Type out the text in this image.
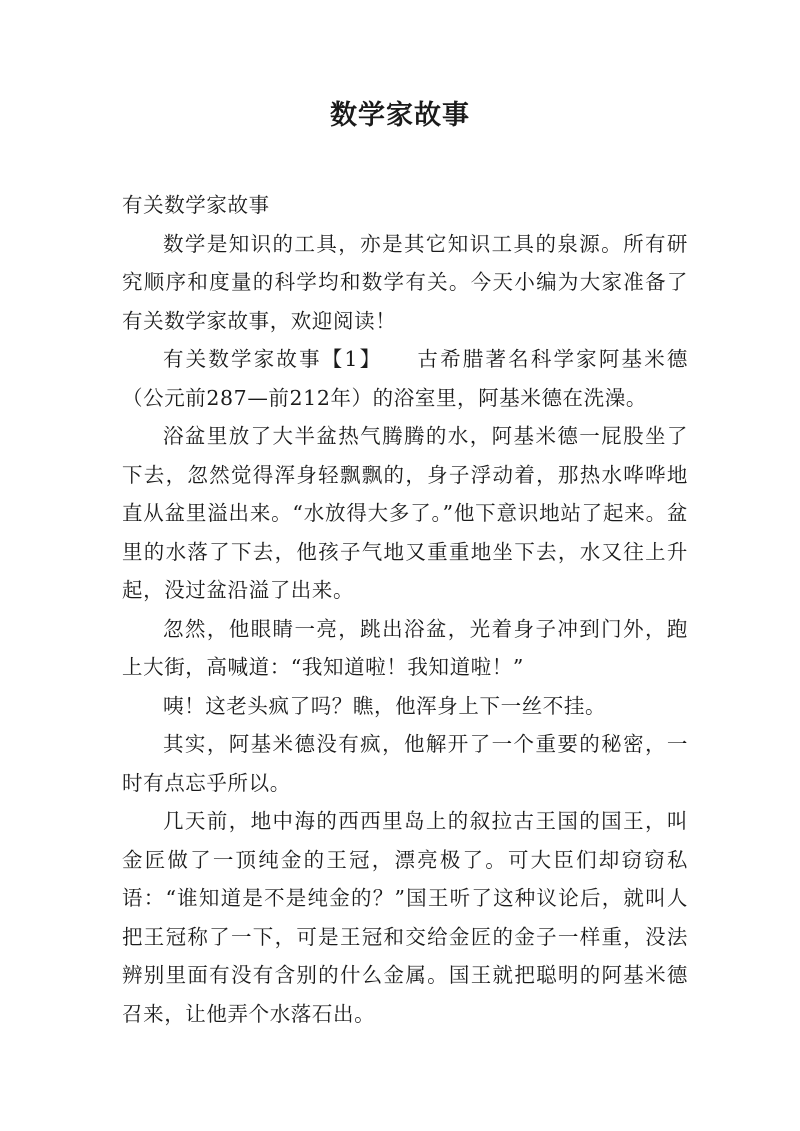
数学家故事

有关数学家故事

数学是知识的工具，亦是其它知识工具的泉源。所有研究顺序和度量的科学均和数学有关。今天小编为大家准备了有关数学家故事，欢迎阅读！

有关数学家故事【1】　　古希腊著名科学家阿基米德（公元前287—前212年）的浴室里，阿基米德在洗澡。

浴盆里放了大半盆热气腾腾的水，阿基米德一屁股坐了下去，忽然觉得浑身轻飘飘的，身子浮动着，那热水哗哗地直从盆里溢出来。“水放得大多了。”他下意识地站了起来。盆里的水落了下去，他孩子气地又重重地坐下去，水又往上升起，没过盆沿溢了出来。

忽然，他眼睛一亮，跳出浴盆，光着身子冲到门外，跑上大街，高喊道：“我知道啦！我知道啦！”

咦！这老头疯了吗？瞧，他浑身上下一丝不挂。

其实，阿基米德没有疯，他解开了一个重要的秘密，一时有点忘乎所以。

几天前，地中海的西西里岛上的叙拉古王国的国王，叫金匠做了一顶纯金的王冠，漂亮极了。可大臣们却窃窃私语：“谁知道是不是纯金的？”国王听了这种议论后，就叫人把王冠称了一下，可是王冠和交给金匠的金子一样重，没法辨别里面有没有含别的什么金属。国王就把聪明的阿基米德召来，让他弄个水落石出。
